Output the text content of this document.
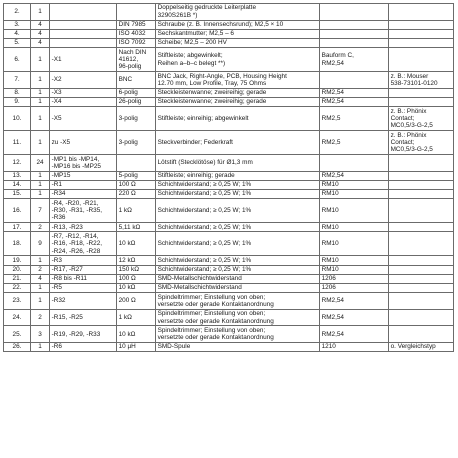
2.	1			Doppelseitig gedruckte Leiterplatte
3290S261B *)		
3.	4		DIN 7985	Schraube (z. B. Innensechsrund); M2,5 × 10		
4.	4		ISO 4032	Sechskantmutter; M2,5 – 6		
5.	4		ISO 7092	Scheibe; M2,5 – 200 HV		
6.	1	-X1	Nach DIN
41612,
96-polig	Stiftleiste; abgewinkelt;
Reihen a–b–c belegt **)	Bauform C,
RM2,54	
7.	1	-X2	BNC	BNC Jack, Right-Angle, PCB, Housing Height
12.70 mm, Low Profile, Tray, 75 Ohms		z. B.: Mouser
538-73101-0120
8.	1	-X3	6-polig	Steckleistenwanne; zweireihig; gerade	RM2,54	
9.	1	-X4	26-polig	Steckleistenwanne; zweireihig; gerade	RM2,54	
10.	1	-X5	3-polig	Stiftleiste; einreihig; abgewinkelt	RM2,5	z. B.: Phönix
Contact;
MC0,5/3-G-2,5
11.	1	zu -X5	3-polig	Steckverbinder; Federkraft	RM2,5	z. B.: Phönix
Contact;
MC0,5/3-G-2,5
12.	24	-MP1 bis -MP14,
-MP16 bis -MP25		Lötstift (Stecklötöse) für Ø1,3 mm		
13.	1	-MP15	5-polig	Stiftleiste; einreihig; gerade	RM2,54	
14.	1	-R1	100 Ω	Schichtwiderstand; ≥ 0,25 W; 1%	RM10	
15.	1	-R34	220 Ω	Schichtwiderstand; ≥ 0,25 W; 1%	RM10	
16.	7	-R4, -R20, -R21,
-R30, -R31, -R35,
-R36	1 kΩ	Schichtwiderstand; ≥ 0,25 W; 1%	RM10	
17.	2	-R13, -R23	5,11 kΩ	Schichtwiderstand; ≥ 0,25 W; 1%	RM10	
18.	9	-R7, -R12, -R14,
-R16, -R18, -R22,
-R24, -R26, -R28	10 kΩ	Schichtwiderstand; ≥ 0,25 W; 1%	RM10	
19.	1	-R3	12 kΩ	Schichtwiderstand; ≥ 0,25 W; 1%	RM10	
20.	2	-R17, -R27	150 kΩ	Schichtwiderstand; ≥ 0,25 W; 1%	RM10	
21.	4	-R8 bis -R11	100 Ω	SMD-Metallschichtwiderstand	1206	
22.	1	-R5	10 kΩ	SMD-Metallschichtwiderstand	1206	
23.	1	-R32	200 Ω	Spindeltrimmer; Einstellung von oben;
versetzte oder gerade Kontaktanordnung	RM2,54	
24.	2	-R15, -R25	1 kΩ	Spindeltrimmer; Einstellung von oben;
versetzte oder gerade Kontaktanordnung	RM2,54	
25.	3	-R19, -R29, -R33	10 kΩ	Spindeltrimmer; Einstellung von oben;
versetzte oder gerade Kontaktanordnung	RM2,54	
26.	1	-R6	10 µH	SMD-Spule	1210	o. Vergleichstyp
